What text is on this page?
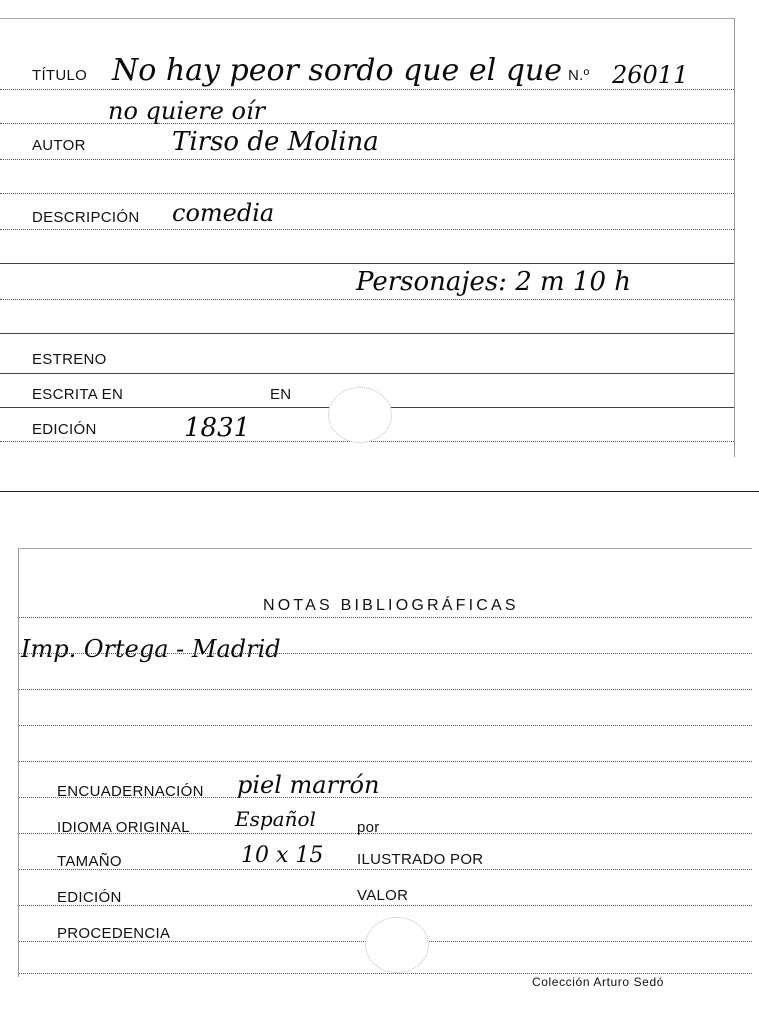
TÍTULO No hay peor sordo que el que N.º 26011
no quiere oír
AUTOR	Tirso de Molina
DESCRIPCIÓN comedia
Personajes: 2 m 10 h
ESTRENO
ESCRITA EN	EN
EDICIÓN	1831
NOTAS BIBLIOGRÁFICAS
Imp. Ortega - Madrid
ENCUADERNACIÓN piel marrón
IDIOMA ORIGINAL Español	por
TAMAÑO	10 x 15 ILUSTRADO POR
EDICIÓN	VALOR
PROCEDENCIA
Colección Arturo Sedó
